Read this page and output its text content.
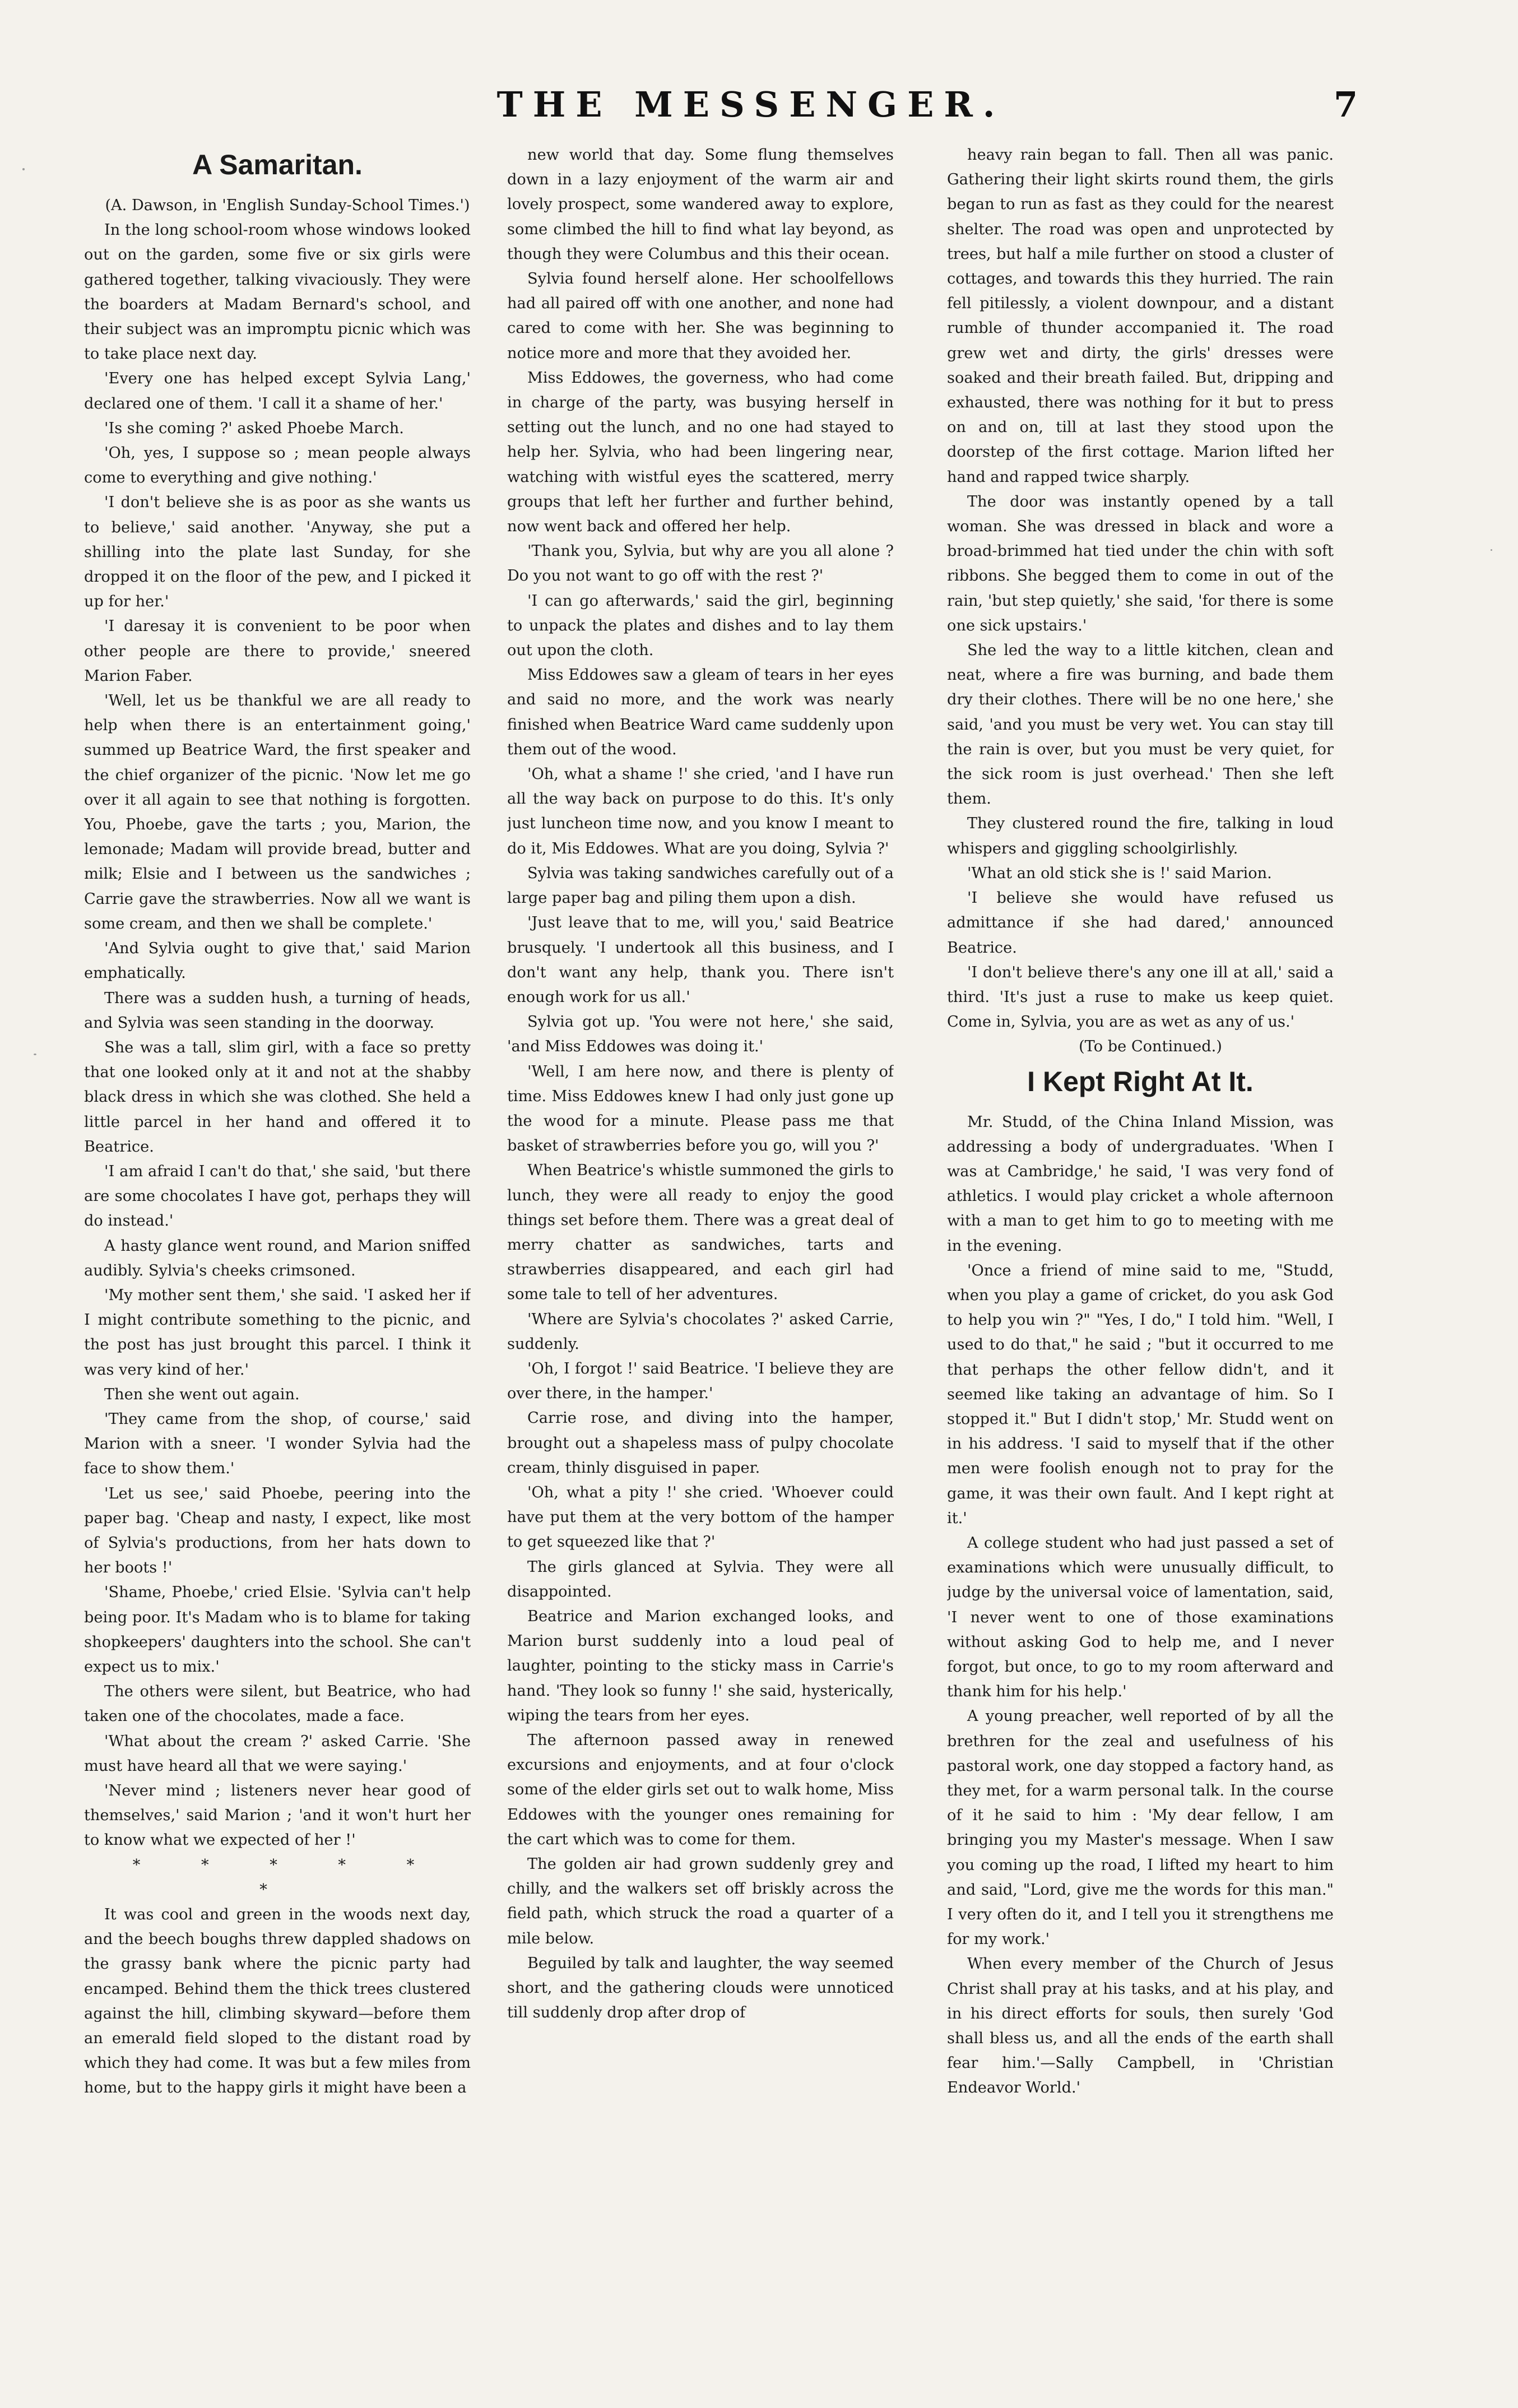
THE MESSENGER.	7
A Samaritan.

(A. Dawson, in 'English Sunday-School Times.')

In the long school-room whose windows looked out on the garden, some five or six girls were gathered together, talking vivaciously. They were the boarders at Madam Bernard's school, and their subject was an impromptu picnic which was to take place next day.

'Every one has helped except Sylvia Lang,' declared one of them. 'I call it a shame of her.'

'Is she coming ?' asked Phoebe March.

'Oh, yes, I suppose so ; mean people always come to everything and give nothing.'

'I don't believe she is as poor as she wants us to believe,' said another. 'Anyway, she put a shilling into the plate last Sunday, for she dropped it on the floor of the pew, and I picked it up for her.'

'I daresay it is convenient to be poor when other people are there to provide,' sneered Marion Faber.

'Well, let us be thankful we are all ready to help when there is an entertainment going,' summed up Beatrice Ward, the first speaker and the chief organizer of the picnic. 'Now let me go over it all again to see that nothing is forgotten. You, Phoebe, gave the tarts ; you, Marion, the lemonade; Madam will provide bread, butter and milk; Elsie and I between us the sandwiches ; Carrie gave the strawberries. Now all we want is some cream, and then we shall be complete.'

'And Sylvia ought to give that,' said Marion emphatically.

There was a sudden hush, a turning of heads, and Sylvia was seen standing in the doorway.

She was a tall, slim girl, with a face so pretty that one looked only at it and not at the shabby black dress in which she was clothed. She held a little parcel in her hand and offered it to Beatrice.

'I am afraid I can't do that,' she said, 'but there are some chocolates I have got, perhaps they will do instead.'

A hasty glance went round, and Marion sniffed audibly. Sylvia's cheeks crimsoned.

'My mother sent them,' she said. 'I asked her if I might contribute something to the picnic, and the post has just brought this parcel. I think it was very kind of her.'

Then she went out again.

'They came from the shop, of course,' said Marion with a sneer. 'I wonder Sylvia had the face to show them.'

'Let us see,' said Phoebe, peering into the paper bag. 'Cheap and nasty, I expect, like most of Sylvia's productions, from her hats down to her boots !'

'Shame, Phoebe,' cried Elsie. 'Sylvia can't help being poor. It's Madam who is to blame for taking shopkeepers' daughters into the school. She can't expect us to mix.'

The others were silent, but Beatrice, who had taken one of the chocolates, made a face.

'What about the cream ?' asked Carrie. 'She must have heard all that we were saying.'

'Never mind ; listeners never hear good of themselves,' said Marion ; 'and it won't hurt her to know what we expected of her !'

* * * * * *

It was cool and green in the woods next day, and the beech boughs threw dappled shadows on the grassy bank where the picnic party had encamped. Behind them the thick trees clustered against the hill, climbing skyward—before them an emerald field sloped to the distant road by which they had come. It was but a few miles from home, but to the happy girls it might have been a

new world that day. Some flung themselves down in a lazy enjoyment of the warm air and lovely prospect, some wandered away to explore, some climbed the hill to find what lay beyond, as though they were Columbus and this their ocean.

Sylvia found herself alone. Her schoolfellows had all paired off with one another, and none had cared to come with her. She was beginning to notice more and more that they avoided her.

Miss Eddowes, the governess, who had come in charge of the party, was busying herself in setting out the lunch, and no one had stayed to help her. Sylvia, who had been lingering near, watching with wistful eyes the scattered, merry groups that left her further and further behind, now went back and offered her help.

'Thank you, Sylvia, but why are you all alone ? Do you not want to go off with the rest ?'

'I can go afterwards,' said the girl, beginning to unpack the plates and dishes and to lay them out upon the cloth.

Miss Eddowes saw a gleam of tears in her eyes and said no more, and the work was nearly finished when Beatrice Ward came suddenly upon them out of the wood.

'Oh, what a shame !' she cried, 'and I have run all the way back on purpose to do this. It's only just luncheon time now, and you know I meant to do it, Mis Eddowes. What are you doing, Sylvia ?'

Sylvia was taking sandwiches carefully out of a large paper bag and piling them upon a dish.

'Just leave that to me, will you,' said Beatrice brusquely. 'I undertook all this business, and I don't want any help, thank you. There isn't enough work for us all.'

Sylvia got up. 'You were not here,' she said, 'and Miss Eddowes was doing it.'

'Well, I am here now, and there is plenty of time. Miss Eddowes knew I had only just gone up the wood for a minute. Please pass me that basket of strawberries before you go, will you ?'

When Beatrice's whistle summoned the girls to lunch, they were all ready to enjoy the good things set before them. There was a great deal of merry chatter as sandwiches, tarts and strawberries disappeared, and each girl had some tale to tell of her adventures.

'Where are Sylvia's chocolates ?' asked Carrie, suddenly.

'Oh, I forgot !' said Beatrice. 'I believe they are over there, in the hamper.'

Carrie rose, and diving into the hamper, brought out a shapeless mass of pulpy chocolate cream, thinly disguised in paper.

'Oh, what a pity !' she cried. 'Whoever could have put them at the very bottom of the hamper to get squeezed like that ?'

The girls glanced at Sylvia. They were all disappointed.

Beatrice and Marion exchanged looks, and Marion burst suddenly into a loud peal of laughter, pointing to the sticky mass in Carrie's hand. 'They look so funny !' she said, hysterically, wiping the tears from her eyes.

The afternoon passed away in renewed excursions and enjoyments, and at four o'clock some of the elder girls set out to walk home, Miss Eddowes with the younger ones remaining for the cart which was to come for them.

The golden air had grown suddenly grey and chilly, and the walkers set off briskly across the field path, which struck the road a quarter of a mile below.

Beguiled by talk and laughter, the way seemed short, and the gathering clouds were unnoticed till suddenly drop after drop of

heavy rain began to fall. Then all was panic. Gathering their light skirts round them, the girls began to run as fast as they could for the nearest shelter. The road was open and unprotected by trees, but half a mile further on stood a cluster of cottages, and towards this they hurried. The rain fell pitilessly, a violent downpour, and a distant rumble of thunder accompanied it. The road grew wet and dirty, the girls' dresses were soaked and their breath failed. But, dripping and exhausted, there was nothing for it but to press on and on, till at last they stood upon the doorstep of the first cottage. Marion lifted her hand and rapped twice sharply.

The door was instantly opened by a tall woman. She was dressed in black and wore a broad-brimmed hat tied under the chin with soft ribbons. She begged them to come in out of the rain, 'but step quietly,' she said, 'for there is some one sick upstairs.'

She led the way to a little kitchen, clean and neat, where a fire was burning, and bade them dry their clothes. There will be no one here,' she said, 'and you must be very wet. You can stay till the rain is over, but you must be very quiet, for the sick room is just overhead.' Then she left them.

They clustered round the fire, talking in loud whispers and giggling schoolgirlishly.

'What an old stick she is !' said Marion.

'I believe she would have refused us admittance if she had dared,' announced Beatrice.

'I don't believe there's any one ill at all,' said a third. 'It's just a ruse to make us keep quiet. Come in, Sylvia, you are as wet as any of us.'

(To be Continued.)

I Kept Right At It.

Mr. Studd, of the China Inland Mission, was addressing a body of undergraduates. 'When I was at Cambridge,' he said, 'I was very fond of athletics. I would play cricket a whole afternoon with a man to get him to go to meeting with me in the evening.

'Once a friend of mine said to me, "Studd, when you play a game of cricket, do you ask God to help you win ?" "Yes, I do," I told him. "Well, I used to do that," he said ; "but it occurred to me that perhaps the other fellow didn't, and it seemed like taking an advantage of him. So I stopped it." But I didn't stop,' Mr. Studd went on in his address. 'I said to myself that if the other men were foolish enough not to pray for the game, it was their own fault. And I kept right at it.'

A college student who had just passed a set of examinations which were unusually difficult, to judge by the universal voice of lamentation, said, 'I never went to one of those examinations without asking God to help me, and I never forgot, but once, to go to my room afterward and thank him for his help.'

A young preacher, well reported of by all the brethren for the zeal and usefulness of his pastoral work, one day stopped a factory hand, as they met, for a warm personal talk. In the course of it he said to him : 'My dear fellow, I am bringing you my Master's message. When I saw you coming up the road, I lifted my heart to him and said, "Lord, give me the words for this man." I very often do it, and I tell you it strengthens me for my work.'

When every member of the Church of Jesus Christ shall pray at his tasks, and at his play, and in his direct efforts for souls, then surely 'God shall bless us, and all the ends of the earth shall fear him.'—Sally Campbell, in 'Christian Endeavor World.'
